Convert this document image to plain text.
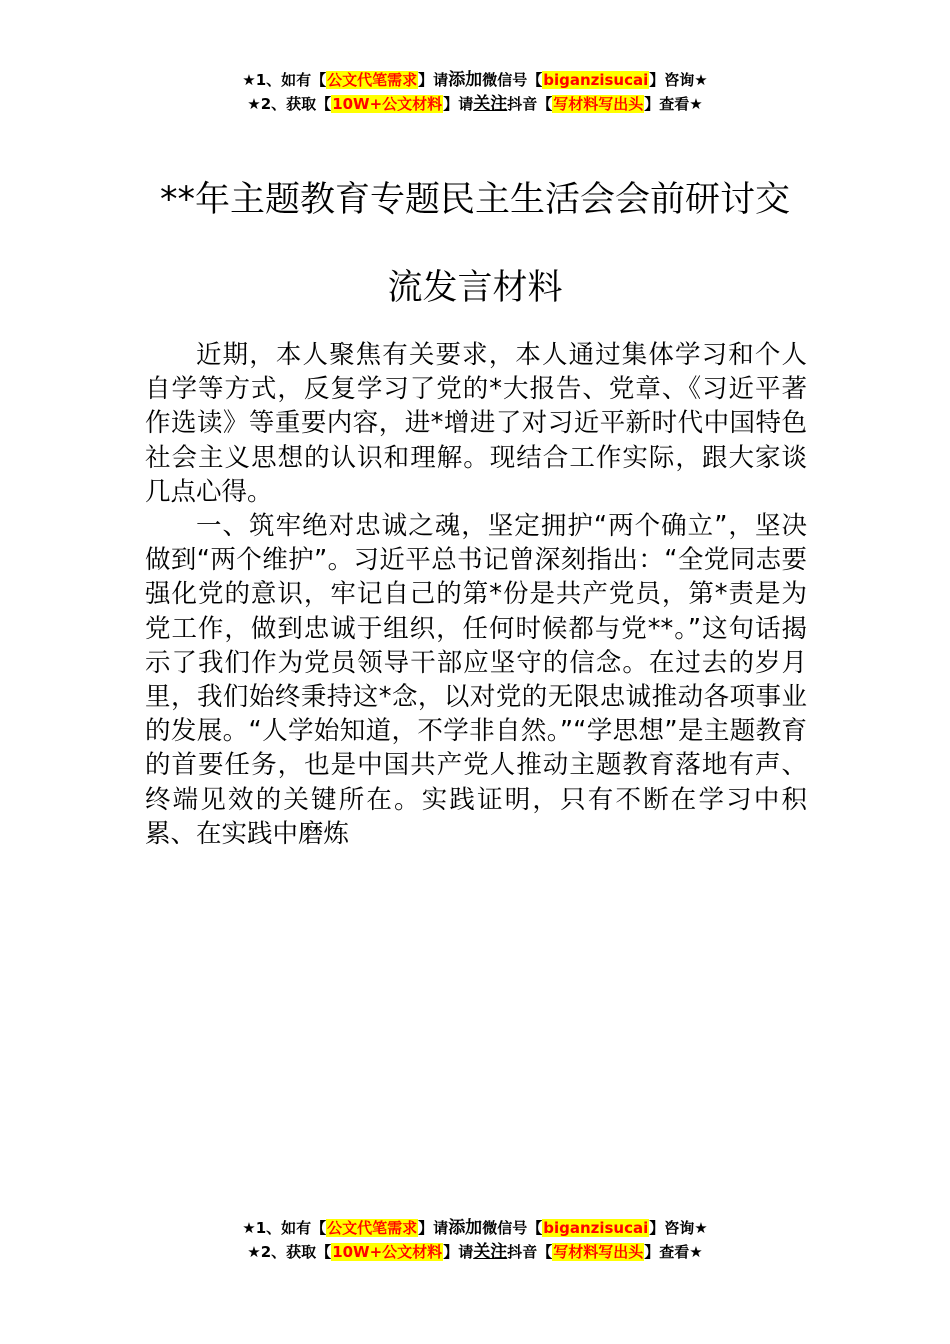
★1、如有【公文代笔需求】请添加微信号【biganzisucai】咨询★
★2、获取【10W+公文材料】请关注抖音【写材料写出头】查看★
**年主题教育专题民主生活会会前研讨交
流发言材料

近期，本人聚焦有关要求，本人通过集体学习和个人自学等方式，反复学习了党的*大报告、党章、《习近平著作选读》等重要内容，进*增进了对习近平新时代中国特色社会主义思想的认识和理解。现结合工作实际，跟大家谈几点心得。

一、筑牢绝对忠诚之魂，坚定拥护“两个确立”，坚决做到“两个维护”。习近平总书记曾深刻指出：“全党同志要强化党的意识，牢记自己的第*份是共产党员，第*责是为党工作，做到忠诚于组织，任何时候都与党**。”这句话揭示了我们作为党员领导干部应坚守的信念。在过去的岁月里，我们始终秉持这*念，以对党的无限忠诚推动各项事业的发展。“人学始知道，不学非自然。”“学思想”是主题教育的首要任务，也是中国共产党人推动主题教育落地有声、终端见效的关键所在。实践证明，只有不断在学习中积累、在实践中磨炼

★1、如有【公文代笔需求】请添加微信号【biganzisucai】咨询★
★2、获取【10W+公文材料】请关注抖音【写材料写出头】查看★
